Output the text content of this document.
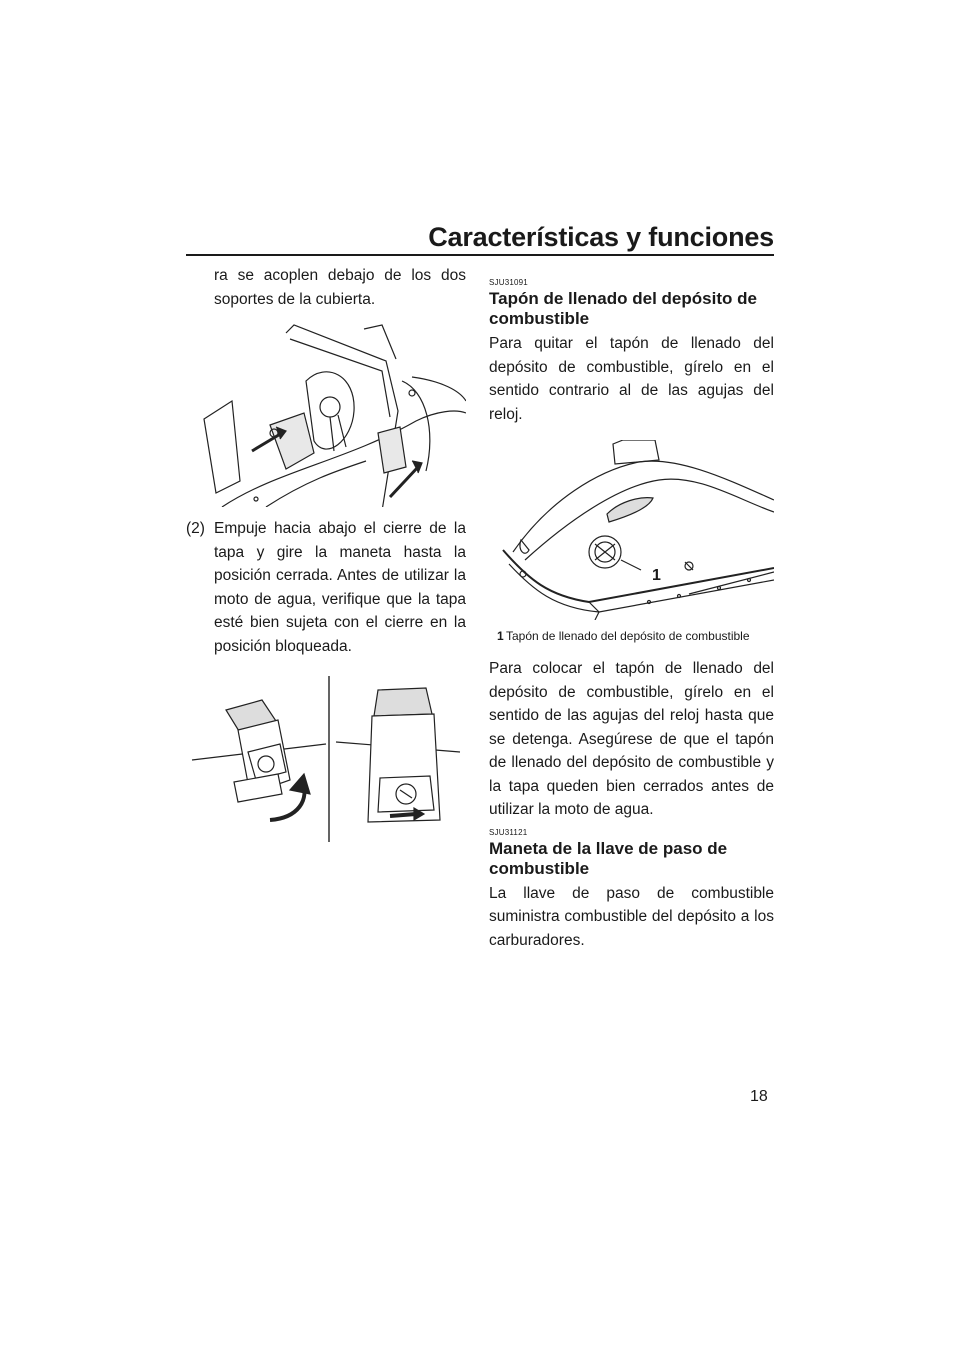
Características y funciones

ra se acoplen debajo de los dos soportes de la cubierta.

(2) Empuje hacia abajo el cierre de la tapa y gire la maneta hasta la posición cerrada. Antes de utilizar la moto de agua, verifique que la tapa esté bien sujeta con el cierre en la posición bloqueada.

SJU31091

Tapón de llenado del depósito de combustible

Para quitar el tapón de llenado del depósito de combustible, gírelo en el sentido contrario al de las agujas del reloj.

1
1 Tapón de llenado del depósito de combustible

Para colocar el tapón de llenado del depósito de combustible, gírelo en el sentido de las agujas del reloj hasta que se detenga. Asegúrese de que el tapón de llenado del depósito de combustible y la tapa queden bien cerrados antes de utilizar la moto de agua.

SJU31121

Maneta de la llave de paso de combustible

La llave de paso de combustible suministra combustible del depósito a los carburadores.

18
